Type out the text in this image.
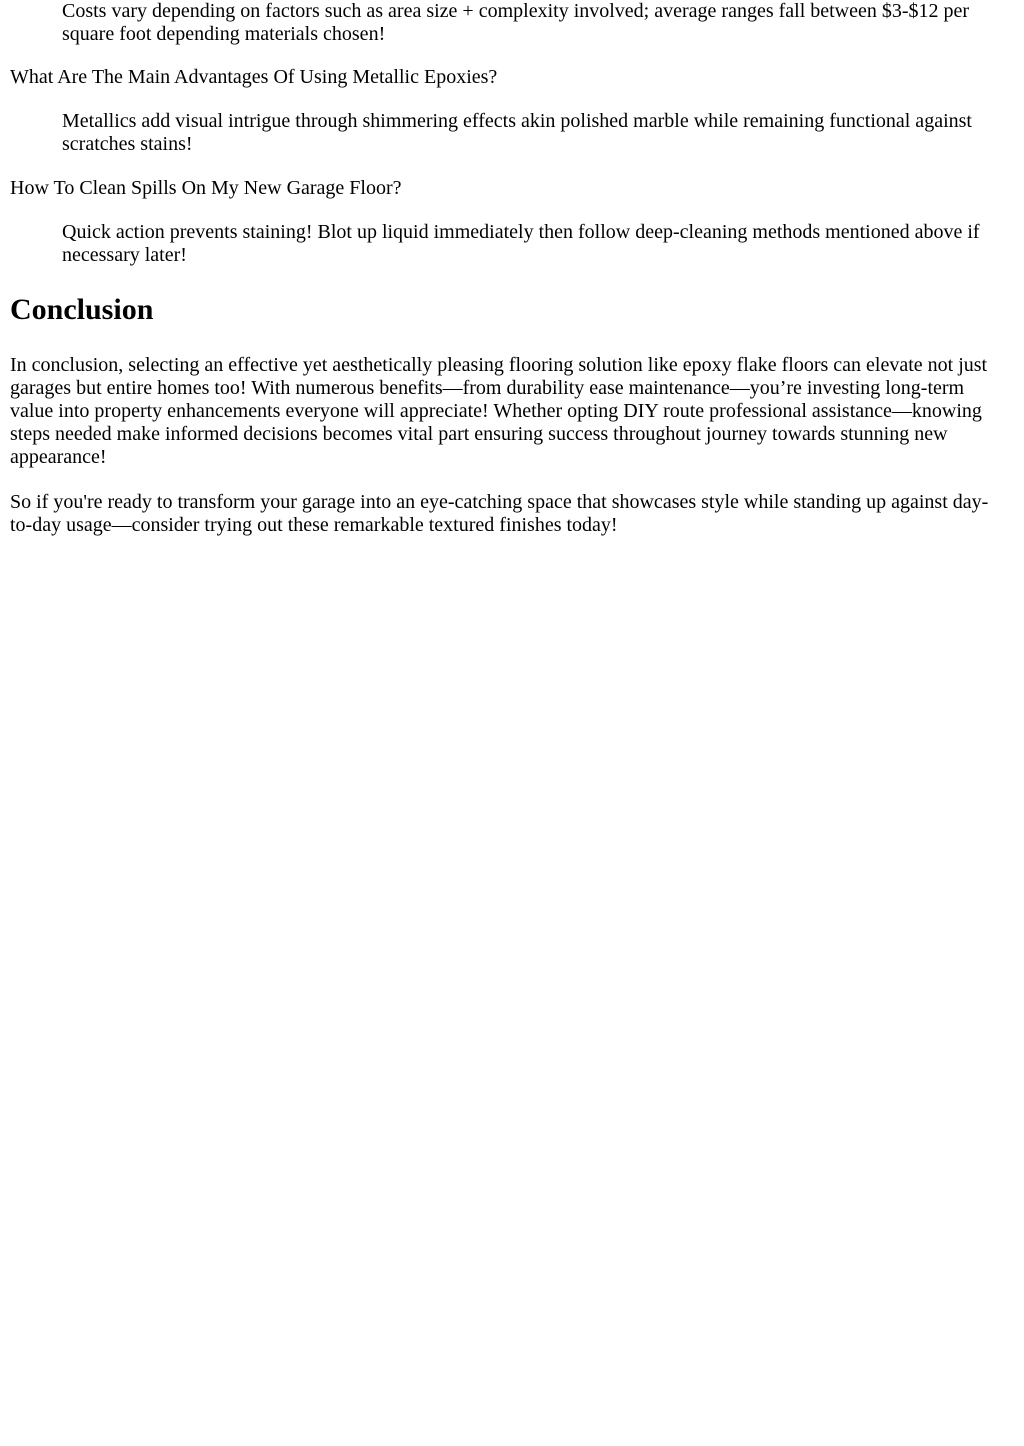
Costs vary depending on factors such as area size + complexity involved; average ranges fall between $3-$12 per square foot depending materials chosen!

What Are The Main Advantages Of Using Metallic Epoxies?

Metallics add visual intrigue through shimmering effects akin polished marble while remaining functional against scratches stains!

How To Clean Spills On My New Garage Floor?

Quick action prevents staining! Blot up liquid immediately then follow deep-cleaning methods mentioned above if necessary later!

Conclusion

In conclusion, selecting an effective yet aesthetically pleasing flooring solution like epoxy flake floors can elevate not just garages but entire homes too! With numerous benefits—from durability ease maintenance—you’re investing long-term value into property enhancements everyone will appreciate! Whether opting DIY route professional assistance—knowing steps needed make informed decisions becomes vital part ensuring success throughout journey towards stunning new appearance!

So if you're ready to transform your garage into an eye-catching space that showcases style while standing up against day-to-day usage—consider trying out these remarkable textured finishes today!
